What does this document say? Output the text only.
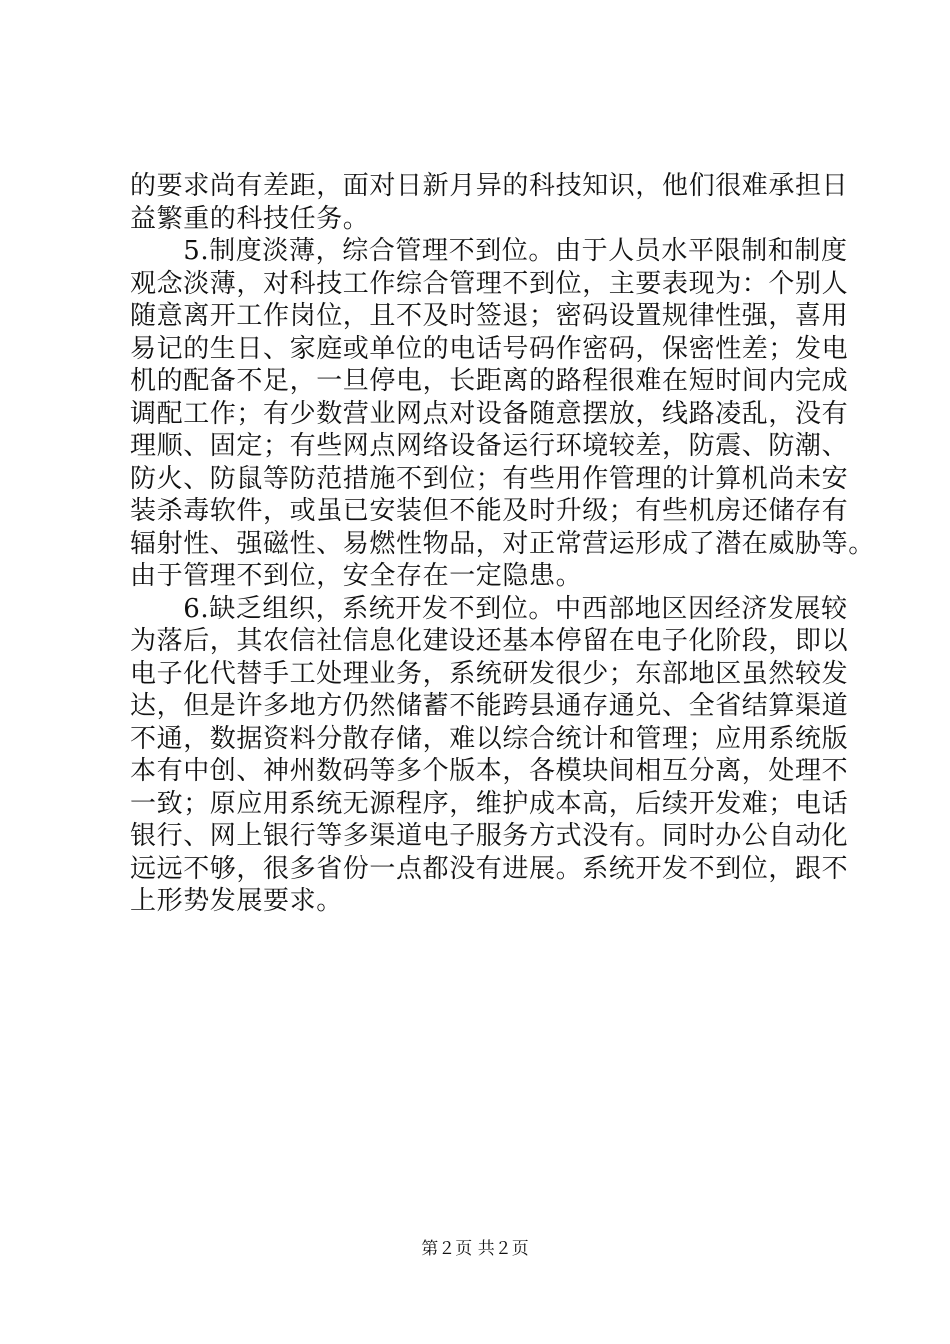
的要求尚有差距，面对日新月异的科技知识，他们很难承担日
益繁重的科技任务。
　　5.制度淡薄，综合管理不到位。由于人员水平限制和制度
观念淡薄，对科技工作综合管理不到位，主要表现为：个别人
随意离开工作岗位，且不及时签退；密码设置规律性强，喜用
易记的生日、家庭或单位的电话号码作密码，保密性差；发电
机的配备不足，一旦停电，长距离的路程很难在短时间内完成
调配工作；有少数营业网点对设备随意摆放，线路凌乱，没有
理顺、固定；有些网点网络设备运行环境较差，防震、防潮、
防火、防鼠等防范措施不到位；有些用作管理的计算机尚未安
装杀毒软件，或虽已安装但不能及时升级；有些机房还储存有
辐射性、强磁性、易燃性物品，对正常营运形成了潜在威胁等。
由于管理不到位，安全存在一定隐患。
　　6.缺乏组织，系统开发不到位。中西部地区因经济发展较
为落后，其农信社信息化建设还基本停留在电子化阶段，即以
电子化代替手工处理业务，系统研发很少；东部地区虽然较发
达，但是许多地方仍然储蓄不能跨县通存通兑、全省结算渠道
不通，数据资料分散存储，难以综合统计和管理；应用系统版
本有中创、神州数码等多个版本，各模块间相互分离，处理不
一致；原应用系统无源程序，维护成本高，后续开发难；电话
银行、网上银行等多渠道电子服务方式没有。同时办公自动化
远远不够，很多省份一点都没有进展。系统开发不到位，跟不
上形势发展要求。
第２页 共２页
